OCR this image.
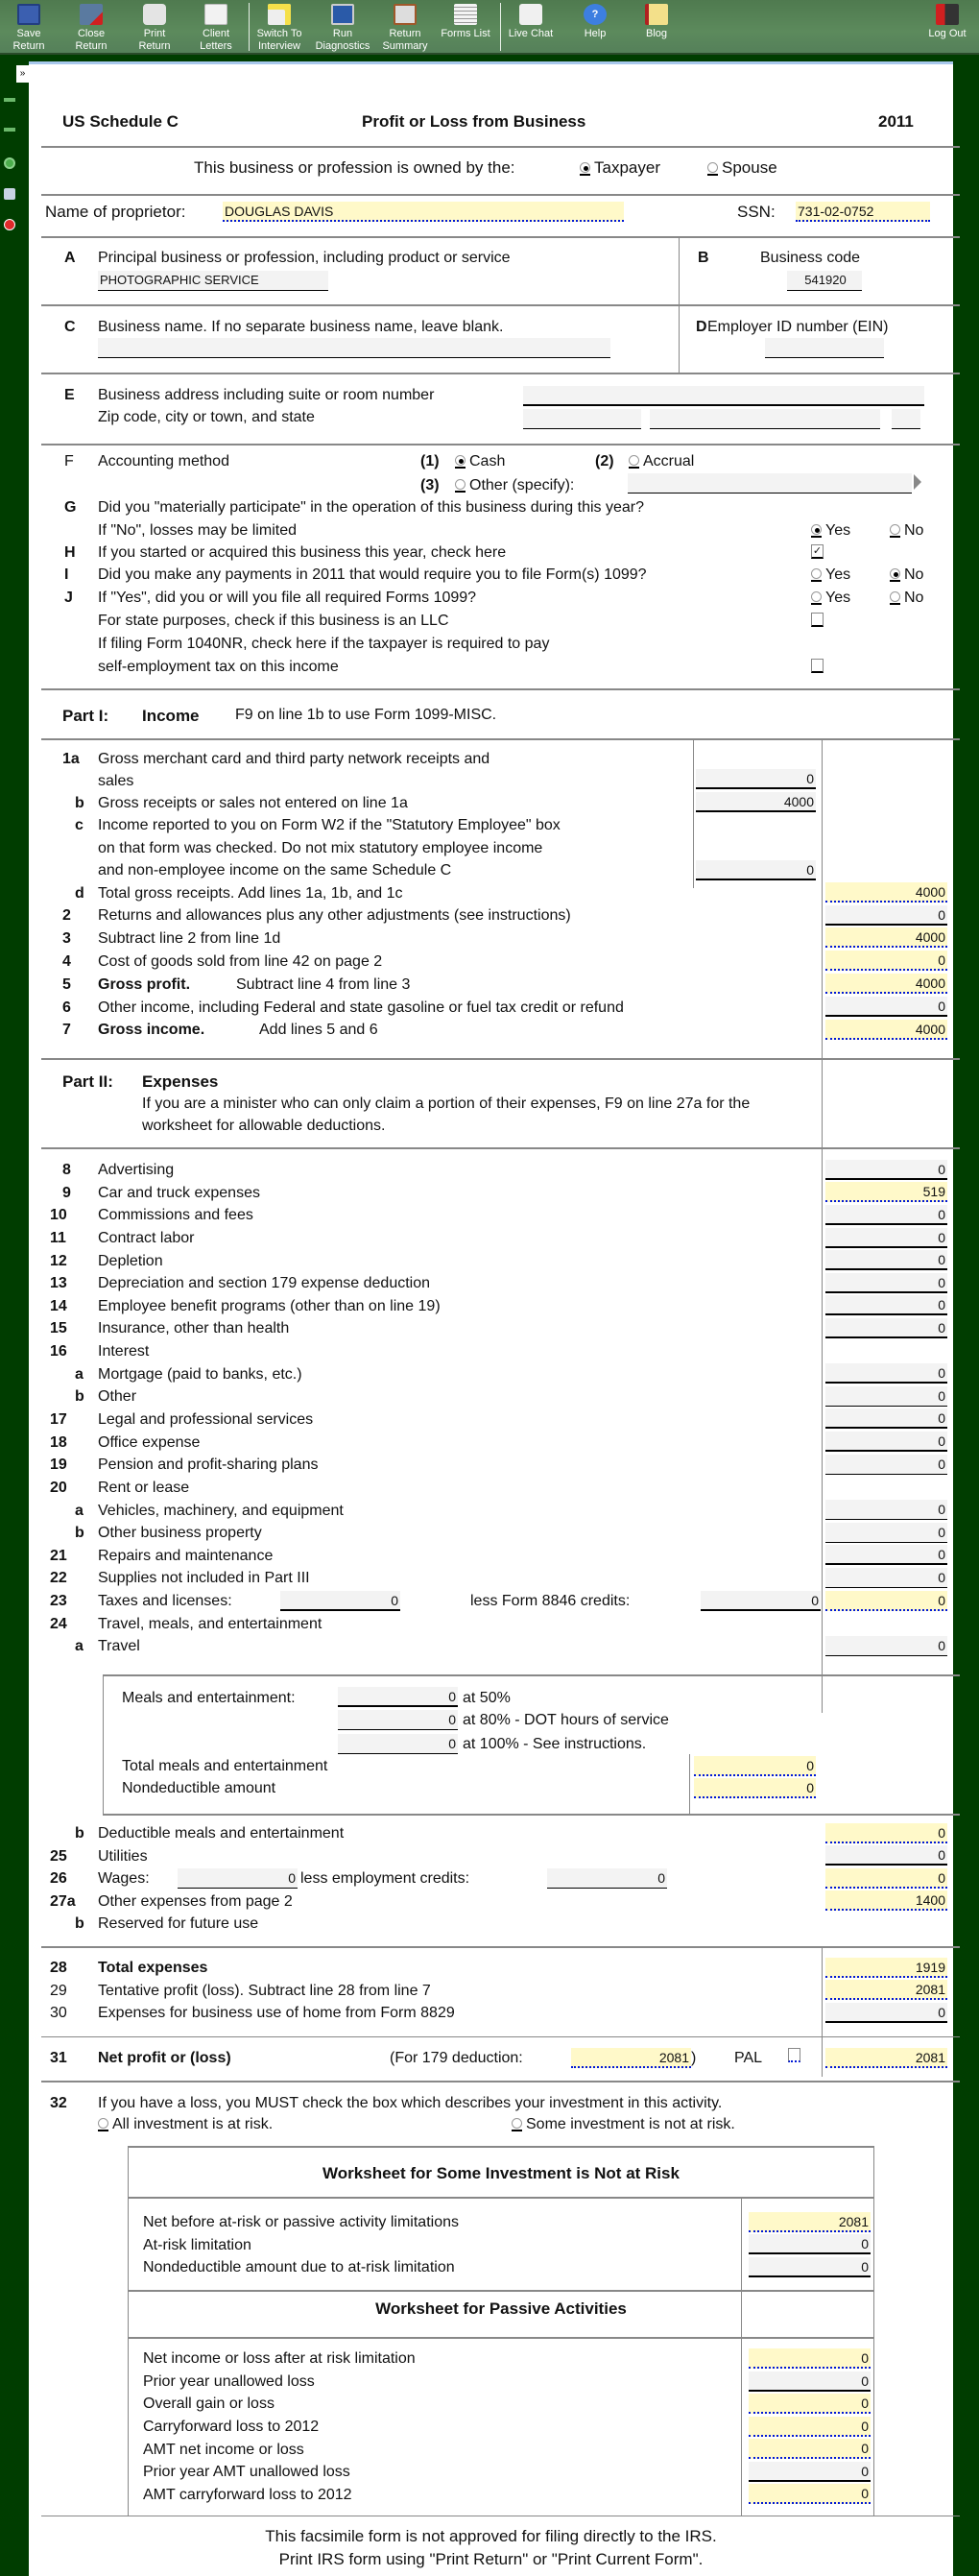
Save
Return
Close
Return
Print
Return
Client
Letters
Switch To
Interview
Run
Diagnostics
Return
Summary
Forms List Live Chat
?
Help	Blog	Log Out
»
US Schedule C	Profit or Loss from Business	2011
This business or profession is owned by the:	Taxpayer	Spouse
Name of proprietor:	DOUGLAS DAVIS	SSN: 731-02-0752
A Principal business or profession, including product or service
PHOTOGRAPHIC SERVICE
B	Business code
541920
C Business name. If no separate business name, leave blank.	D Employer ID number (EIN)
E Business address including suite or room number
Zip code, city or town, and state
F Accounting method	(1)	Cash	(2)	Accrual
(3)	Other (specify):
G Did you "materially participate" in the operation of this business during this year?
If "No", losses may be limited	Yes	No
H If you started or acquired this business this year, check here	✓
I Did you make any payments in 2011 that would require you to file Form(s) 1099?	Yes	No
J If "Yes", did you or will you file all required Forms 1099?	Yes	No
For state purposes, check if this business is an LLC
If filing Form 1040NR, check here if the taxpayer is required to pay
self-employment tax on this income
Part I: Income F9 on line 1b to use Form 1099-MISC.
1a Gross merchant card and third party network receipts and
sales	0
b Gross receipts or sales not entered on line 1a	4000
c Income reported to you on Form W2 if the "Statutory Employee" box
on that form was checked. Do not mix statutory employee income
and non-employee income on the same Schedule C	0
d Total gross receipts. Add lines 1a, 1b, and 1c	4000
2 Returns and allowances plus any other adjustments (see instructions)	0
3 Subtract line 2 from line 1d	4000
4 Cost of goods sold from line 42 on page 2	0
5 Gross profit.	Subtract line 4 from line 3	4000
6 Other income, including Federal and state gasoline or fuel tax credit or refund	0
7 Gross income.	Add lines 5 and 6	4000
Part II: Expenses
If you are a minister who can only claim a portion of their expenses, F9 on line 27a for the
worksheet for allowable deductions.
8 Advertising	0
9 Car and truck expenses	519
10 Commissions and fees	0
11 Contract labor	0
12 Depletion	0
13 Depreciation and section 179 expense deduction	0
14 Employee benefit programs (other than on line 19)	0
15 Insurance, other than health	0
16 Interest
a Mortgage (paid to banks, etc.)	0
b Other	0
17 Legal and professional services	0
18 Office expense	0
19 Pension and profit-sharing plans	0
20 Rent or lease
a Vehicles, machinery, and equipment	0
b Other business property	0
21 Repairs and maintenance	0
22 Supplies not included in Part III	0
23 Taxes and licenses:	0	less Form 8846 credits:	0	0
24 Travel, meals, and entertainment
a Travel	0
Meals and entertainment:	0 at 50%
0 at 80% - DOT hours of service
0 at 100% - See instructions.
Total meals and entertainment	0
Nondeductible amount	0
b Deductible meals and entertainment	0
25 Utilities	0
26 Wages:	0 less employment credits:	0	0
27a Other expenses from page 2	1400
b Reserved for future use
28 Total expenses	1919
29 Tentative profit (loss). Subtract line 28 from line 7	2081
30 Expenses for business use of home from Form 8829	0
31 Net profit or (loss)	(For 179 deduction:	2081 ) PAL	2081
32 If you have a loss, you MUST check the box which describes your investment in this activity.
All investment is at risk.	Some investment is not at risk.
Worksheet for Some Investment is Not at Risk
Net before at-risk or passive activity limitations	2081
At-risk limitation	0
Nondeductible amount due to at-risk limitation	0
Worksheet for Passive Activities
Net income or loss after at risk limitation	0
Prior year unallowed loss	0
Overall gain or loss	0
Carryforward loss to 2012	0
AMT net income or loss	0
Prior year AMT unallowed loss	0
AMT carryforward loss to 2012	0
This facsimile form is not approved for filing directly to the IRS.
Print IRS form using "Print Return" or "Print Current Form".
